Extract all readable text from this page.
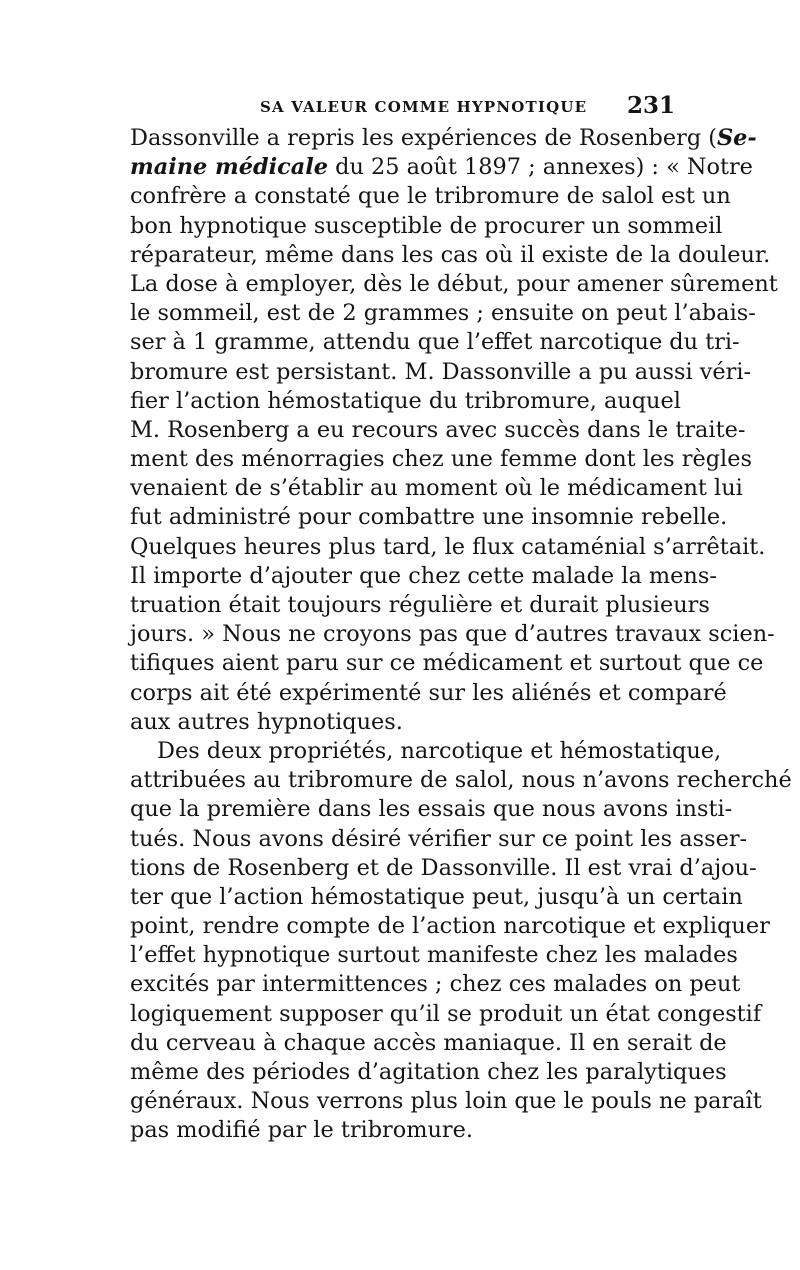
SA VALEUR COMME HYPNOTIQUE 231
Dassonville a repris les expériences de Rosenberg (Se-
maine médicale du 25 août 1897 ; annexes) : « Notre
confrère a constaté que le tribromure de salol est un
bon hypnotique susceptible de procurer un sommeil
réparateur, même dans les cas où il existe de la douleur.
La dose à employer, dès le début, pour amener sûrement
le sommeil, est de 2 grammes ; ensuite on peut l’abais-
ser à 1 gramme, attendu que l’effet narcotique du tri-
bromure est persistant. M. Dassonville a pu aussi véri-
fier l’action hémostatique du tribromure, auquel
M. Rosenberg a eu recours avec succès dans le traite-
ment des ménorragies chez une femme dont les règles
venaient de s’établir au moment où le médicament lui
fut administré pour combattre une insomnie rebelle.
Quelques heures plus tard, le flux cataménial s’arrêtait.
Il importe d’ajouter que chez cette malade la mens-
truation était toujours régulière et durait plusieurs
jours. » Nous ne croyons pas que d’autres travaux scien-
tifiques aient paru sur ce médicament et surtout que ce
corps ait été expérimenté sur les aliénés et comparé
aux autres hypnotiques.
Des deux propriétés, narcotique et hémostatique,
attribuées au tribromure de salol, nous n’avons recherché
que la première dans les essais que nous avons insti-
tués. Nous avons désiré vérifier sur ce point les asser-
tions de Rosenberg et de Dassonville. Il est vrai d’ajou-
ter que l’action hémostatique peut, jusqu’à un certain
point, rendre compte de l’action narcotique et expliquer
l’effet hypnotique surtout manifeste chez les malades
excités par intermittences ; chez ces malades on peut
logiquement supposer qu’il se produit un état congestif
du cerveau à chaque accès maniaque. Il en serait de
même des périodes d’agitation chez les paralytiques
généraux. Nous verrons plus loin que le pouls ne paraît
pas modifié par le tribromure.
